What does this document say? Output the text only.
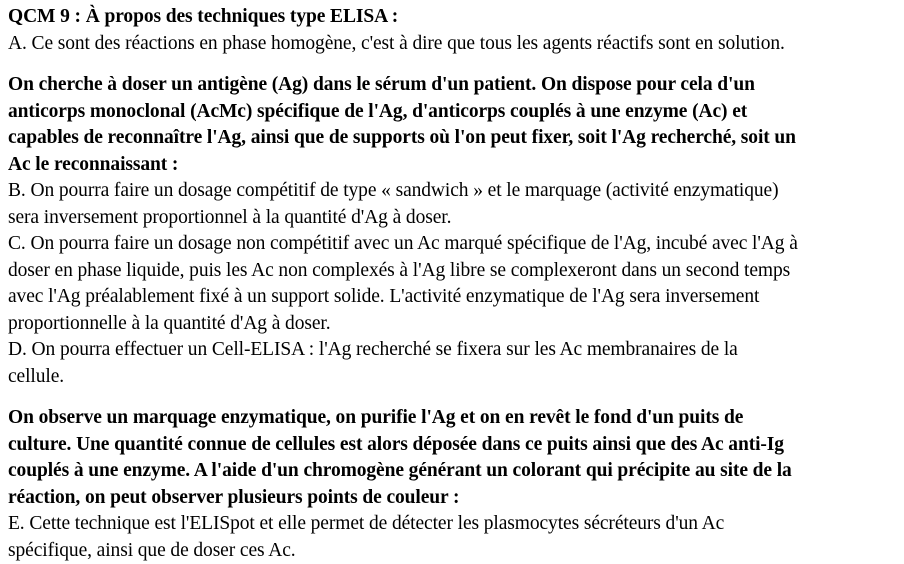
QCM 9 : À propos des techniques type ELISA :
A. Ce sont des réactions en phase homogène, c'est à dire que tous les agents réactifs sont en solution.
On cherche à doser un antigène (Ag) dans le sérum d'un patient. On dispose pour cela d'un
anticorps monoclonal (AcMc) spécifique de l'Ag, d'anticorps couplés à une enzyme (Ac) et
capables de reconnaître l'Ag, ainsi que de supports où l'on peut fixer, soit l'Ag recherché, soit un
Ac le reconnaissant :
B. On pourra faire un dosage compétitif de type « sandwich » et le marquage (activité enzymatique)
sera inversement proportionnel à la quantité d'Ag à doser.
C. On pourra faire un dosage non compétitif avec un Ac marqué spécifique de l'Ag, incubé avec l'Ag à
doser en phase liquide, puis les Ac non complexés à l'Ag libre se complexeront dans un second temps
avec l'Ag préalablement fixé à un support solide. L'activité enzymatique de l'Ag sera inversement
proportionnelle à la quantité d'Ag à doser.
D. On pourra effectuer un Cell-ELISA : l'Ag recherché se fixera sur les Ac membranaires de la
cellule.
On observe un marquage enzymatique, on purifie l'Ag et on en revêt le fond d'un puits de
culture. Une quantité connue de cellules est alors déposée dans ce puits ainsi que des Ac anti-Ig
couplés à une enzyme. A l'aide d'un chromogène générant un colorant qui précipite au site de la
réaction, on peut observer plusieurs points de couleur :
E. Cette technique est l'ELISpot et elle permet de détecter les plasmocytes sécréteurs d'un Ac
spécifique, ainsi que de doser ces Ac.
